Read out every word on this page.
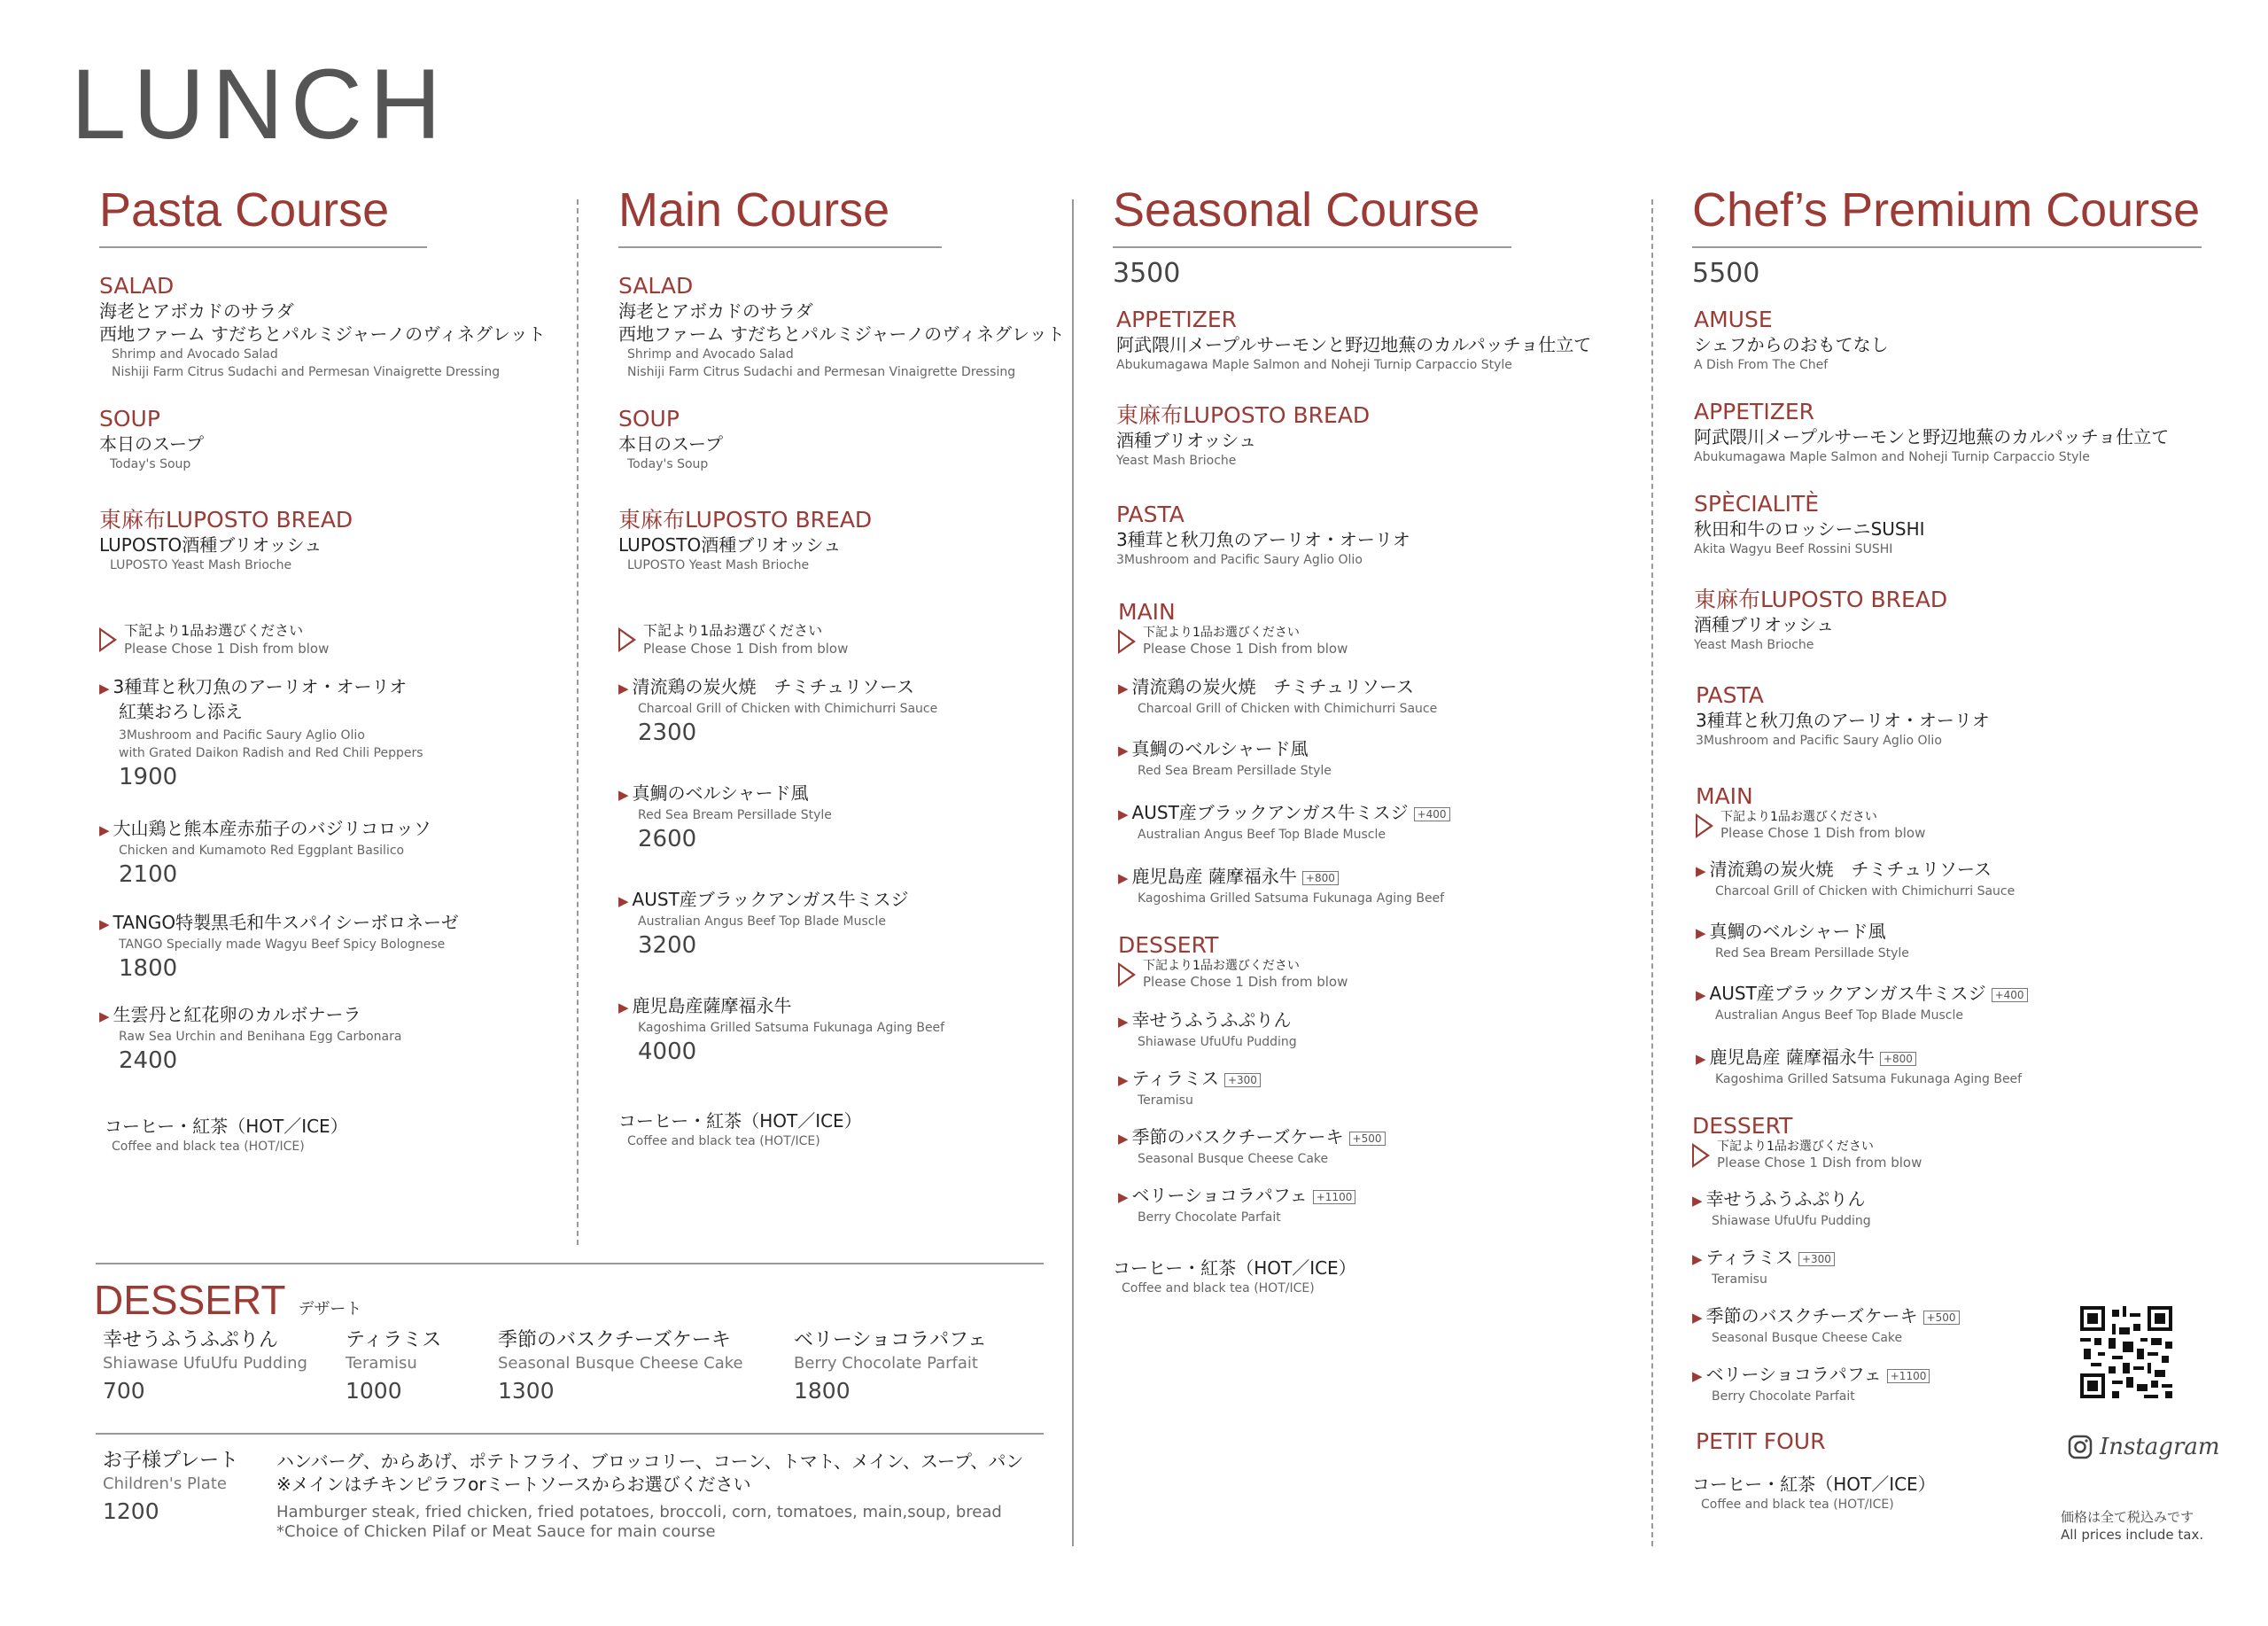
LUNCH
Pasta Course
SALAD
海老とアボカドのサラダ
西地ファーム すだちとパルミジャーノのヴィネグレット
Shrimp and Avocado Salad
Nishiji Farm Citrus Sudachi and Permesan Vinaigrette Dressing
SOUP
本日のスープ
Today's Soup
東麻布LUPOSTO BREAD
LUPOSTO酒種ブリオッシュ
LUPOSTO Yeast Mash Brioche
下記より1品お選びください
Please Chose 1 Dish from blow
▶ 3種茸と秋刀魚のアーリオ・オーリオ
紅葉おろし添え
3Mushroom and Pacific Saury Aglio Olio
with Grated Daikon Radish and Red Chili Peppers
1900
▶ 大山鶏と熊本産赤茄子のバジリコロッソ
Chicken and Kumamoto Red Eggplant Basilico
2100
▶ TANGO特製黒毛和牛スパイシーボロネーゼ
TANGO Specially made Wagyu Beef Spicy Bolognese
1800
▶ 生雲丹と紅花卵のカルボナーラ
Raw Sea Urchin and Benihana Egg Carbonara
2400
コーヒー・紅茶（HOT／ICE）
Coffee and black tea (HOT/ICE)
Main Course
SALAD
海老とアボカドのサラダ
西地ファーム すだちとパルミジャーノのヴィネグレット
Shrimp and Avocado Salad
Nishiji Farm Citrus Sudachi and Permesan Vinaigrette Dressing
SOUP
本日のスープ
Today's Soup
東麻布LUPOSTO BREAD
LUPOSTO酒種ブリオッシュ
LUPOSTO Yeast Mash Brioche
下記より1品お選びください
Please Chose 1 Dish from blow
▶ 清流鶏の炭火焼　チミチュリソース
Charcoal Grill of Chicken with Chimichurri Sauce
2300
▶ 真鯛のベルシャード風
Red Sea Bream Persillade Style
2600
▶ AUST産ブラックアンガス牛ミスジ
Australian Angus Beef Top Blade Muscle
3200
▶ 鹿児島産薩摩福永牛
Kagoshima Grilled Satsuma Fukunaga Aging Beef
4000
コーヒー・紅茶（HOT／ICE）
Coffee and black tea (HOT/ICE)
Seasonal Course
3500
APPETIZER
阿武隈川メープルサーモンと野辺地蕪のカルパッチョ仕立て
Abukumagawa Maple Salmon and Noheji Turnip Carpaccio Style
東麻布LUPOSTO BREAD
酒種ブリオッシュ
Yeast Mash Brioche
PASTA
3種茸と秋刀魚のアーリオ・オーリオ
3Mushroom and Pacific Saury Aglio Olio
MAIN
下記より1品お選びください
Please Chose 1 Dish from blow
▶ 清流鶏の炭火焼　チミチュリソース
Charcoal Grill of Chicken with Chimichurri Sauce
▶ 真鯛のベルシャード風
Red Sea Bream Persillade Style
▶ AUST産ブラックアンガス牛ミスジ +400
Australian Angus Beef Top Blade Muscle
▶ 鹿児島産 薩摩福永牛 +800
Kagoshima Grilled Satsuma Fukunaga Aging Beef
DESSERT
下記より1品お選びください
Please Chose 1 Dish from blow
▶ 幸せうふうふぷりん
Shiawase UfuUfu Pudding
▶ ティラミス +300
Teramisu
▶ 季節のバスクチーズケーキ +500
Seasonal Busque Cheese Cake
▶ ベリーショコラパフェ +1100
Berry Chocolate Parfait
コーヒー・紅茶（HOT／ICE）
Coffee and black tea (HOT/ICE)
Chef’s Premium Course
5500
AMUSE
シェフからのおもてなし
A Dish From The Chef
APPETIZER
阿武隈川メープルサーモンと野辺地蕪のカルパッチョ仕立て
Abukumagawa Maple Salmon and Noheji Turnip Carpaccio Style
SPÈCIALITÈ
秋田和牛のロッシーニSUSHI
Akita Wagyu Beef Rossini SUSHI
東麻布LUPOSTO BREAD
酒種ブリオッシュ
Yeast Mash Brioche
PASTA
3種茸と秋刀魚のアーリオ・オーリオ
3Mushroom and Pacific Saury Aglio Olio
MAIN
下記より1品お選びください
Please Chose 1 Dish from blow
▶ 清流鶏の炭火焼　チミチュリソース
Charcoal Grill of Chicken with Chimichurri Sauce
▶ 真鯛のベルシャード風
Red Sea Bream Persillade Style
▶ AUST産ブラックアンガス牛ミスジ +400
Australian Angus Beef Top Blade Muscle
▶ 鹿児島産 薩摩福永牛 +800
Kagoshima Grilled Satsuma Fukunaga Aging Beef
DESSERT
下記より1品お選びください
Please Chose 1 Dish from blow
▶ 幸せうふうふぷりん
Shiawase UfuUfu Pudding
▶ ティラミス +300
Teramisu
▶ 季節のバスクチーズケーキ +500
Seasonal Busque Cheese Cake
▶ ベリーショコラパフェ +1100
Berry Chocolate Parfait
PETIT FOUR
コーヒー・紅茶（HOT／ICE）
Coffee and black tea (HOT/ICE)
Instagram
価格は全て税込みです
All prices include tax.
DESSERT デザート
幸せうふうふぷりん
Shiawase UfuUfu Pudding
700
ティラミス
Teramisu
1000
季節のバスクチーズケーキ
Seasonal Busque Cheese Cake
1300
ベリーショコラパフェ
Berry Chocolate Parfait
1800
お子様プレート
Children's Plate
1200
ハンバーグ、からあげ、ポテトフライ、ブロッコリー、コーン、トマト、メイン、スープ、パン
※メインはチキンピラフorミートソースからお選びください
Hamburger steak, fried chicken, fried potatoes, broccoli, corn, tomatoes, main,soup, bread
*Choice of Chicken Pilaf or Meat Sauce for main course
